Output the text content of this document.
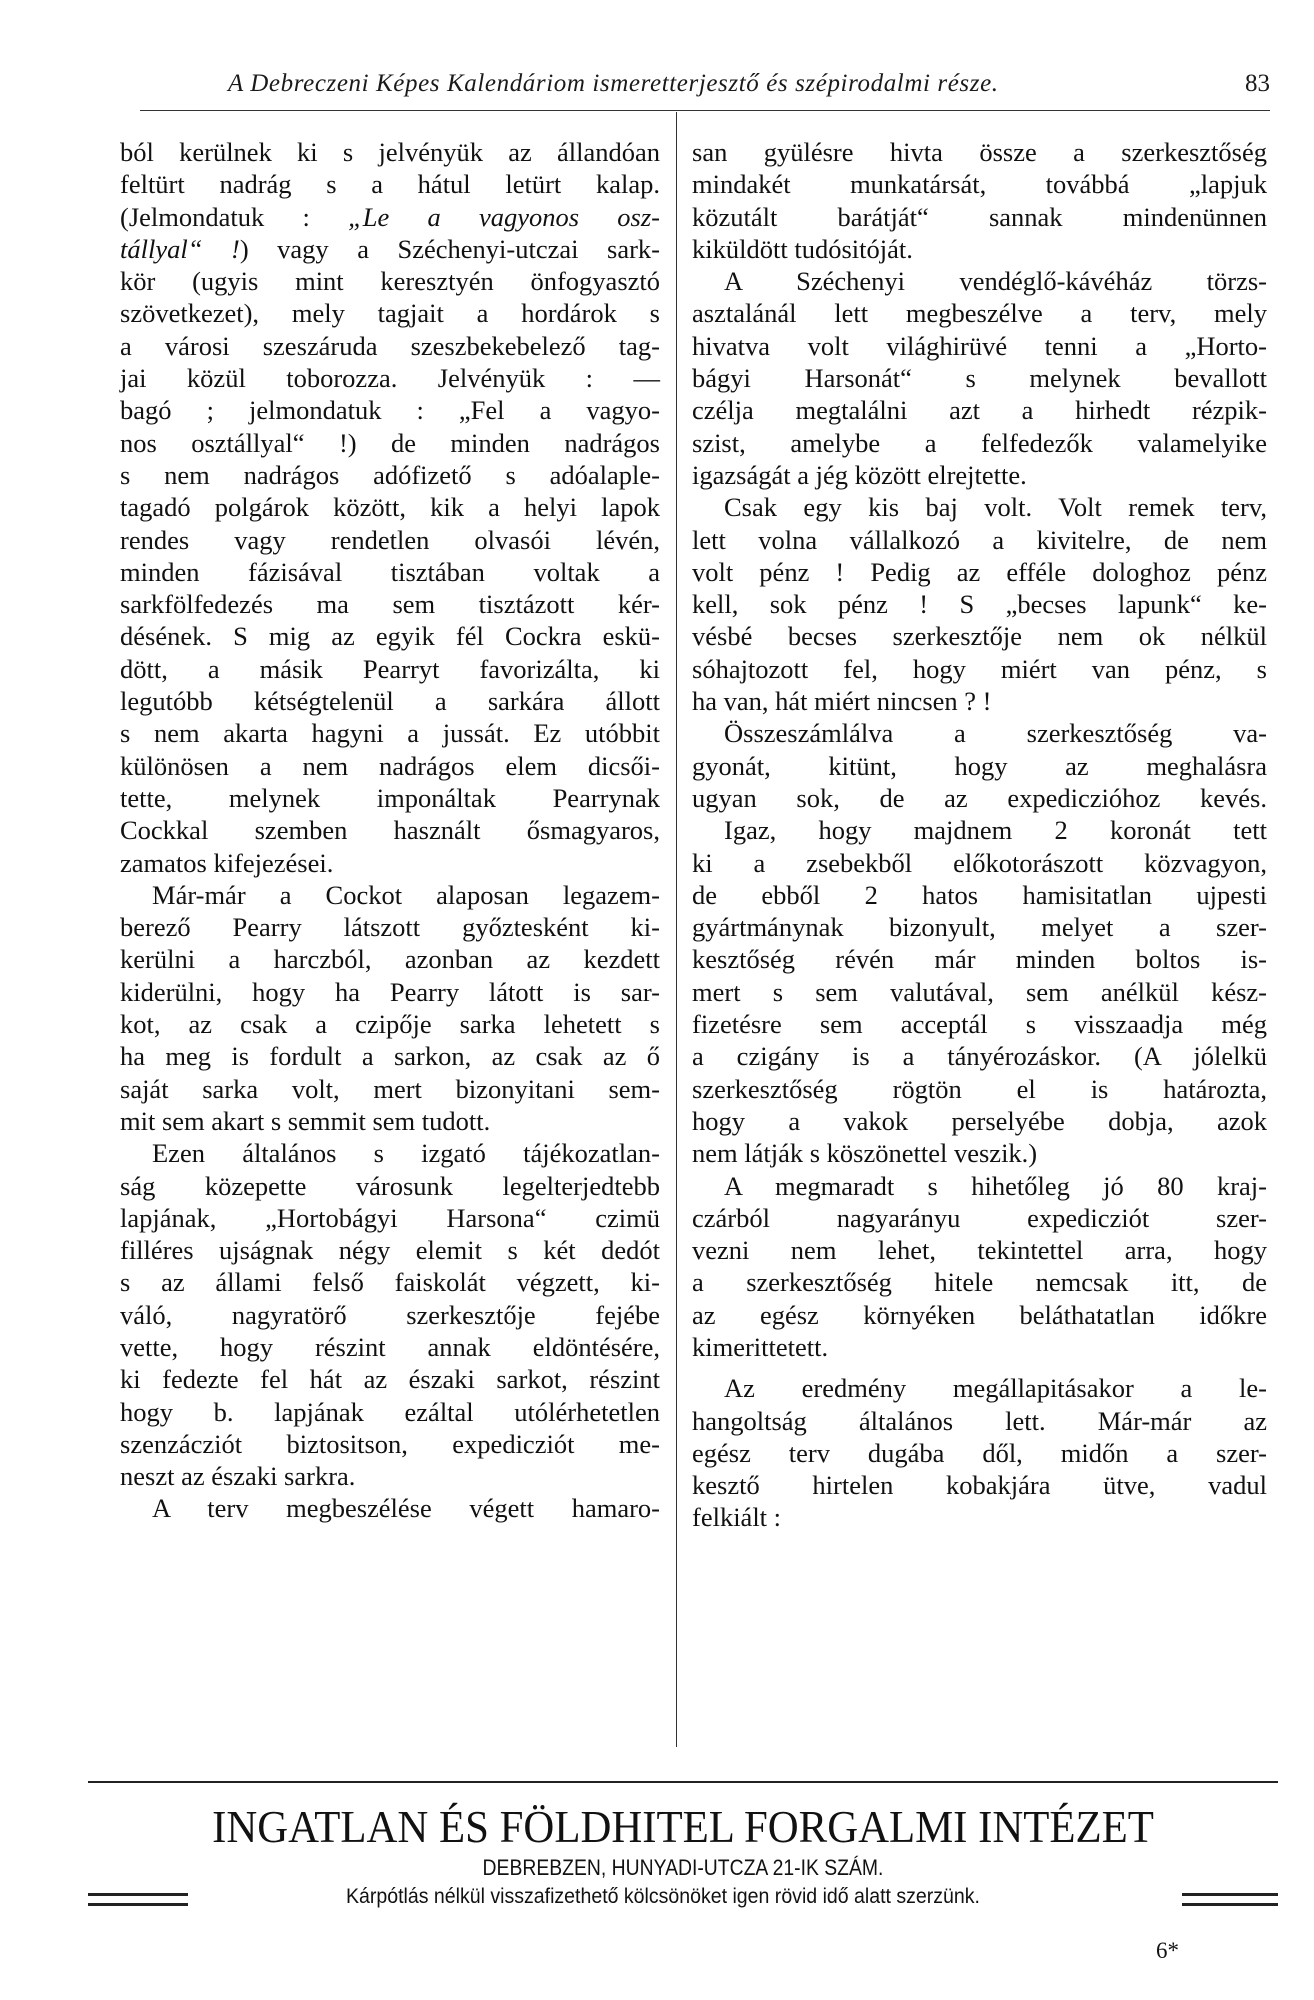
A Debreczeni Képes Kalendáriom ismeretterjesztő és szépirodalmi része.	83
ból kerülnek ki s jelvényük az állandóan
feltürt nadrág s a hátul letürt kalap.
(Jelmondatuk : „Le a vagyonos osz-
tállyal“ !) vagy a Széchenyi-utczai sark-
kör (ugyis mint keresztyén önfogyasztó
szövetkezet), mely tagjait a hordárok s
a városi szeszáruda szeszbekebelező tag-
jai közül toborozza. Jelvényük : —
bagó ; jelmondatuk : „Fel a vagyo-
nos osztállyal“ !) de minden nadrágos
s nem nadrágos adófizető s adóalaple-
tagadó polgárok között, kik a helyi lapok
rendes vagy rendetlen olvasói lévén,
minden fázisával tisztában voltak a
sarkfölfedezés ma sem tisztázott kér-
désének. S mig az egyik fél Cockra eskü-
dött, a másik Pearryt favorizálta, ki
legutóbb kétségtelenül a sarkára állott
s nem akarta hagyni a jussát. Ez utóbbit
különösen a nem nadrágos elem dicsői-
tette, melynek imponáltak Pearrynak
Cockkal szemben használt ősmagyaros,
zamatos kifejezései.
Már-már a Cockot alaposan legazem-
berező Pearry látszott győztesként ki-
kerülni a harczból, azonban az kezdett
kiderülni, hogy ha Pearry látott is sar-
kot, az csak a czipője sarka lehetett s
ha meg is fordult a sarkon, az csak az ő
saját sarka volt, mert bizonyitani sem-
mit sem akart s semmit sem tudott.
Ezen általános s izgató tájékozatlan-
ság közepette városunk legelterjedtebb
lapjának, „Hortobágyi Harsona“ czimü
filléres ujságnak négy elemit s két dedót
s az állami felső faiskolát végzett, ki-
váló, nagyratörő szerkesztője fejébe
vette, hogy részint annak eldöntésére,
ki fedezte fel hát az északi sarkot, részint
hogy b. lapjának ezáltal utólérhetetlen
szenzácziót biztositson, expedicziót me-
neszt az északi sarkra.
A terv megbeszélése végett hamaro-
san gyülésre hivta össze a szerkesztőség
mindakét munkatársát, továbbá „lapjuk
közutált barátját“ sannak mindenünnen
kiküldött tudósitóját.
A Széchenyi vendéglő-kávéház törzs-
asztalánál lett megbeszélve a terv, mely
hivatva volt világhirüvé tenni a „Horto-
bágyi Harsonát“ s melynek bevallott
czélja megtalálni azt a hirhedt rézpik-
szist, amelybe a felfedezők valamelyike
igazságát a jég között elrejtette.
Csak egy kis baj volt. Volt remek terv,
lett volna vállalkozó a kivitelre, de nem
volt pénz ! Pedig az efféle dologhoz pénz
kell, sok pénz ! S „becses lapunk“ ke-
vésbé becses szerkesztője nem ok nélkül
sóhajtozott fel, hogy miért van pénz, s
ha van, hát miért nincsen ? !
Összeszámlálva a szerkesztőség va-
gyonát, kitünt, hogy az meghalásra
ugyan sok, de az expediczióhoz kevés.
Igaz, hogy majdnem 2 koronát tett
ki a zsebekből előkotorászott közvagyon,
de ebből 2 hatos hamisitatlan ujpesti
gyártmánynak bizonyult, melyet a szer-
kesztőség révén már minden boltos is-
mert s sem valutával, sem anélkül kész-
fizetésre sem acceptál s visszaadja még
a czigány is a tányérozáskor. (A jólelkü
szerkesztőség rögtön el is határozta,
hogy a vakok perselyébe dobja, azok
nem látják s köszönettel veszik.)
A megmaradt s hihetőleg jó 80 kraj-
czárból nagyarányu expedicziót szer-
vezni nem lehet, tekintettel arra, hogy
a szerkesztőség hitele nemcsak itt, de
az egész környéken beláthatatlan időkre
kimerittetett.
Az eredmény megállapitásakor a le-
hangoltság általános lett. Már-már az
egész terv dugába dől, midőn a szer-
kesztő hirtelen kobakjára ütve, vadul
felkiált :
INGATLAN ÉS FÖLDHITEL FORGALMI INTÉZET
DEBREBZEN, HUNYADI-UTCZA 21-IK SZÁM.
Kárpótlás nélkül visszafizethető kölcsönöket igen rövid idő alatt szerzünk.
6*
